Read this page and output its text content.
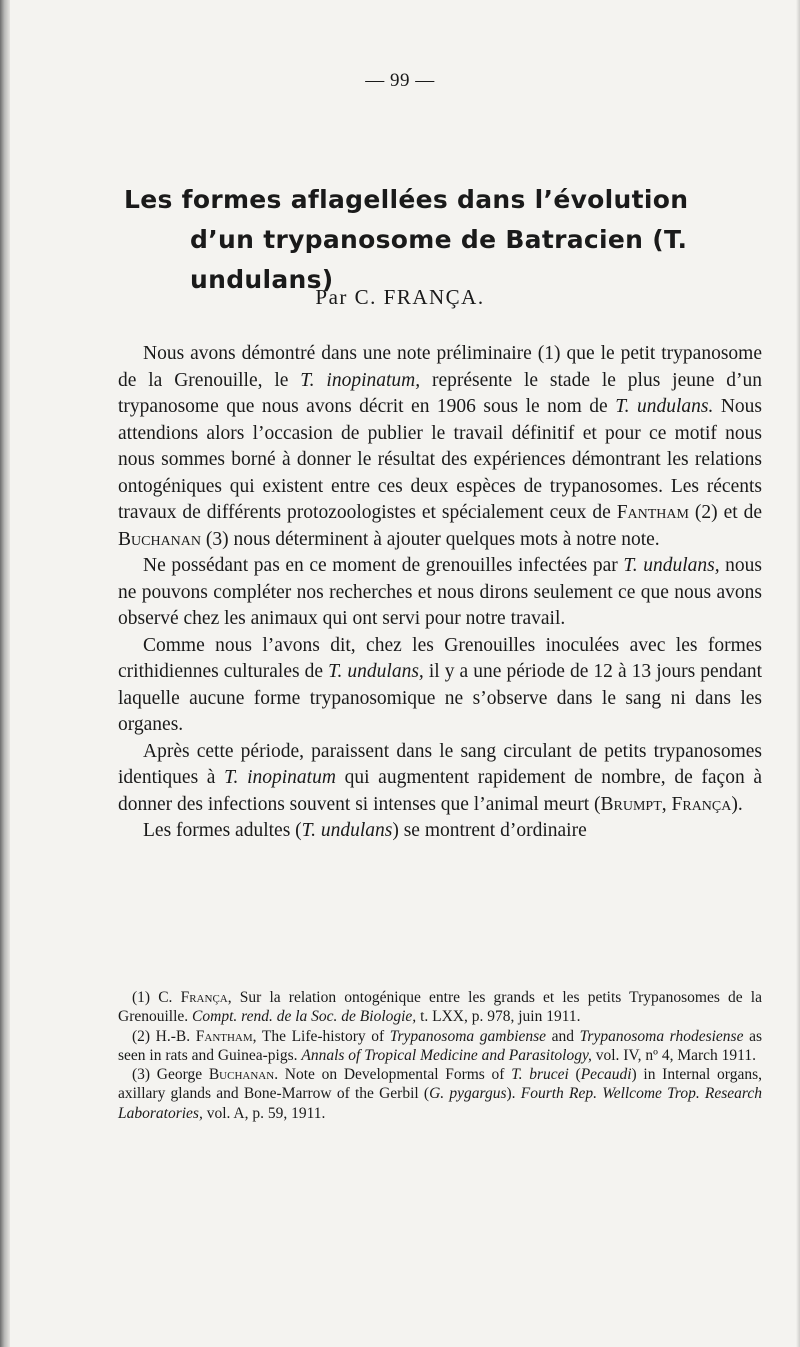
— 99 —
Les formes aflagellées dans l’évolution
d’un trypanosome de Batracien (T. undulans)
Par C. FRANÇA.

Nous avons démontré dans une note préliminaire (1) que le petit trypanosome de la Grenouille, le T. inopinatum, représente le stade le plus jeune d’un trypanosome que nous avons décrit en 1906 sous le nom de T. undulans. Nous attendions alors l’occasion de publier le travail définitif et pour ce motif nous nous sommes borné à donner le résultat des expériences démontrant les relations ontogéniques qui existent entre ces deux espèces de trypanosomes. Les récents travaux de différents protozoologistes et spécialement ceux de Fantham (2) et de Buchanan (3) nous déterminent à ajouter quelques mots à notre note.

Ne possédant pas en ce moment de grenouilles infectées par T. undulans, nous ne pouvons compléter nos recherches et nous dirons seulement ce que nous avons observé chez les animaux qui ont servi pour notre travail.

Comme nous l’avons dit, chez les Grenouilles inoculées avec les formes crithidiennes culturales de T. undulans, il y a une période de 12 à 13 jours pendant laquelle aucune forme trypanosomique ne s’observe dans le sang ni dans les organes.

Après cette période, paraissent dans le sang circulant de petits trypanosomes identiques à T. inopinatum qui augmentent rapidement de nombre, de façon à donner des infections souvent si intenses que l’animal meurt (Brumpt, França).

Les formes adultes (T. undulans) se montrent d’ordinaire

(1) C. França, Sur la relation ontogénique entre les grands et les petits Trypanosomes de la Grenouille. Compt. rend. de la Soc. de Biologie, t. LXX, p. 978, juin 1911.

(2) H.-B. Fantham, The Life-history of Trypanosoma gambiense and Trypanosoma rhodesiense as seen in rats and Guinea-pigs. Annals of Tropical Medicine and Parasitology, vol. IV, nº 4, March 1911.

(3) George Buchanan. Note on Developmental Forms of T. brucei (Pecaudi) in Internal organs, axillary glands and Bone-Marrow of the Gerbil (G. pygargus). Fourth Rep. Wellcome Trop. Research Laboratories, vol. A, p. 59, 1911.
